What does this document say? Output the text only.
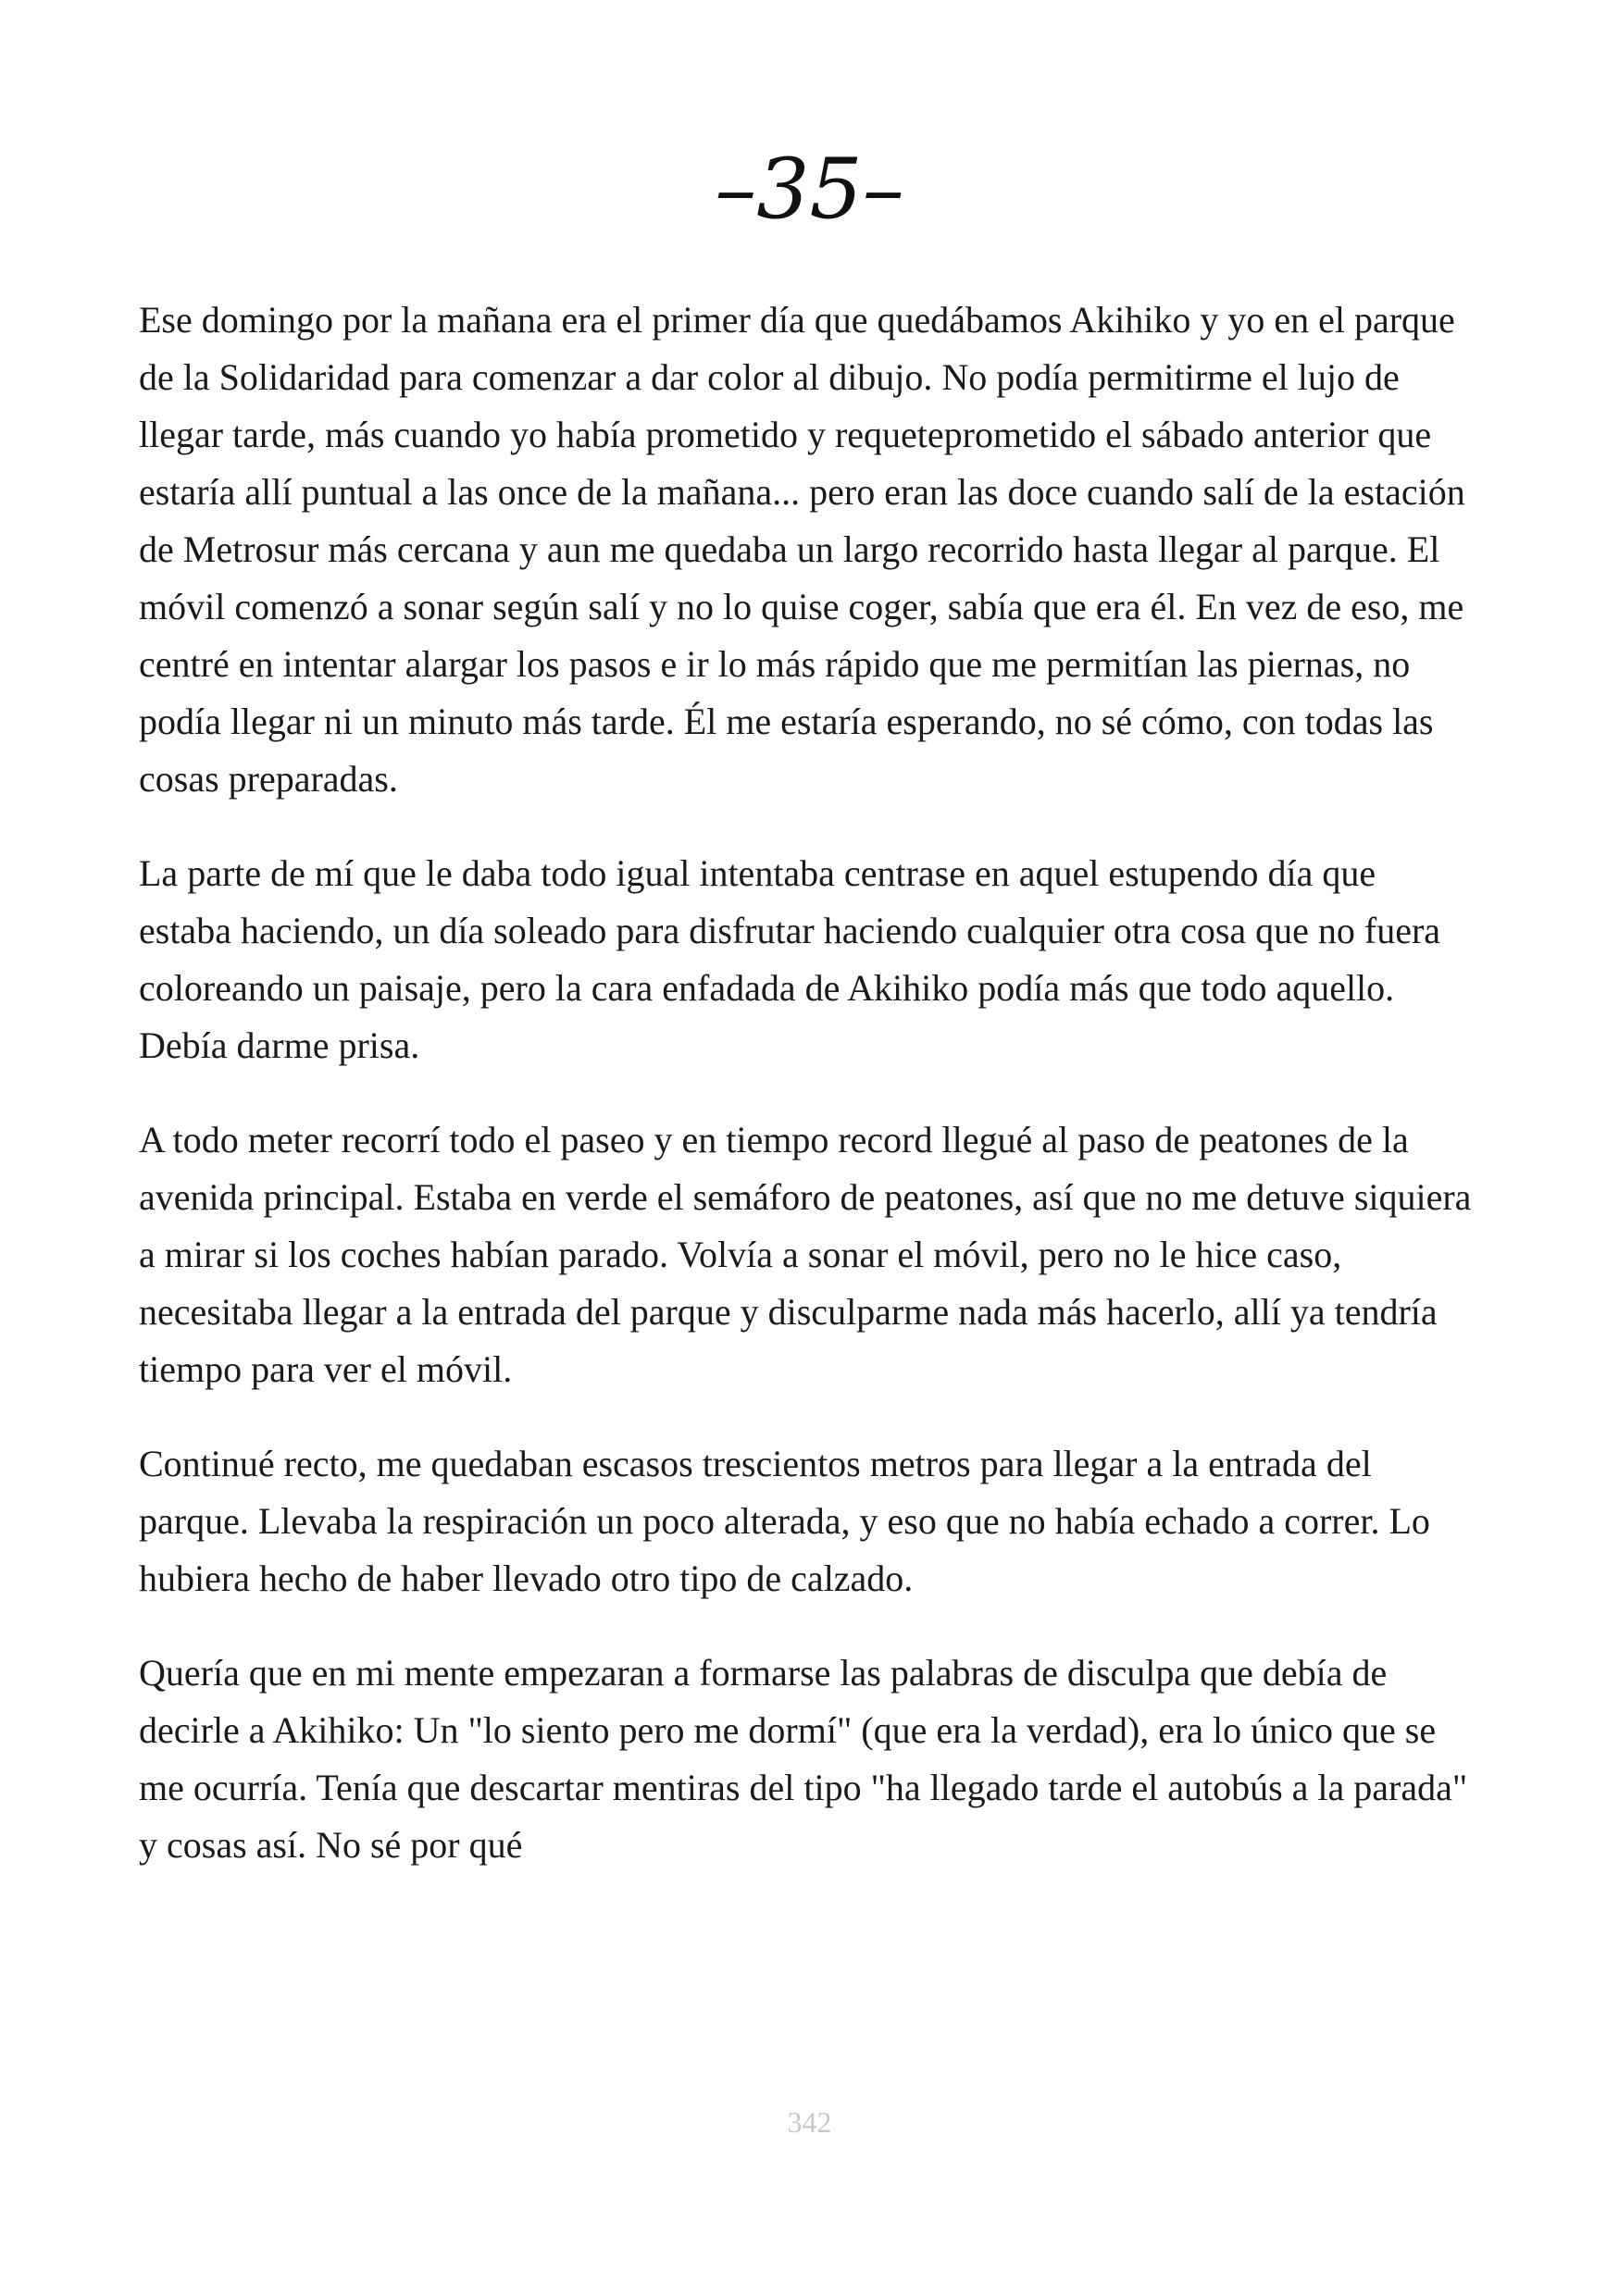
–35–

Ese domingo por la mañana era el primer día que quedábamos Akihiko y yo en el parque de la Solidaridad para comenzar a dar color al dibujo. No podía permitirme el lujo de llegar tarde, más cuando yo había prometido y requeteprometido el sábado anterior que estaría allí puntual a las once de la mañana... pero eran las doce cuando salí de la estación de Metrosur más cercana y aun me quedaba un largo recorrido hasta llegar al parque. El móvil comenzó a sonar según salí y no lo quise coger, sabía que era él. En vez de eso, me centré en intentar alargar los pasos e ir lo más rápido que me permitían las piernas, no podía llegar ni un minuto más tarde. Él me estaría esperando, no sé cómo, con todas las cosas preparadas.

La parte de mí que le daba todo igual intentaba centrase en aquel estupendo día que estaba haciendo, un día soleado para disfrutar haciendo cualquier otra cosa que no fuera coloreando un paisaje, pero la cara enfadada de Akihiko podía más que todo aquello. Debía darme prisa.

A todo meter recorrí todo el paseo y en tiempo record llegué al paso de peatones de la avenida principal. Estaba en verde el semáforo de peatones, así que no me detuve siquiera a mirar si los coches habían parado. Volvía a sonar el móvil, pero no le hice caso, necesitaba llegar a la entrada del parque y disculparme nada más hacerlo, allí ya tendría tiempo para ver el móvil.

Continué recto, me quedaban escasos trescientos metros para llegar a la entrada del parque. Llevaba la respiración un poco alterada, y eso que no había echado a correr. Lo hubiera hecho de haber llevado otro tipo de calzado.

Quería que en mi mente empezaran a formarse las palabras de disculpa que debía de decirle a Akihiko: Un "lo siento pero me dormí" (que era la verdad), era lo único que se me ocurría. Tenía que descartar mentiras del tipo "ha llegado tarde el autobús a la parada" y cosas así. No sé por qué

342
